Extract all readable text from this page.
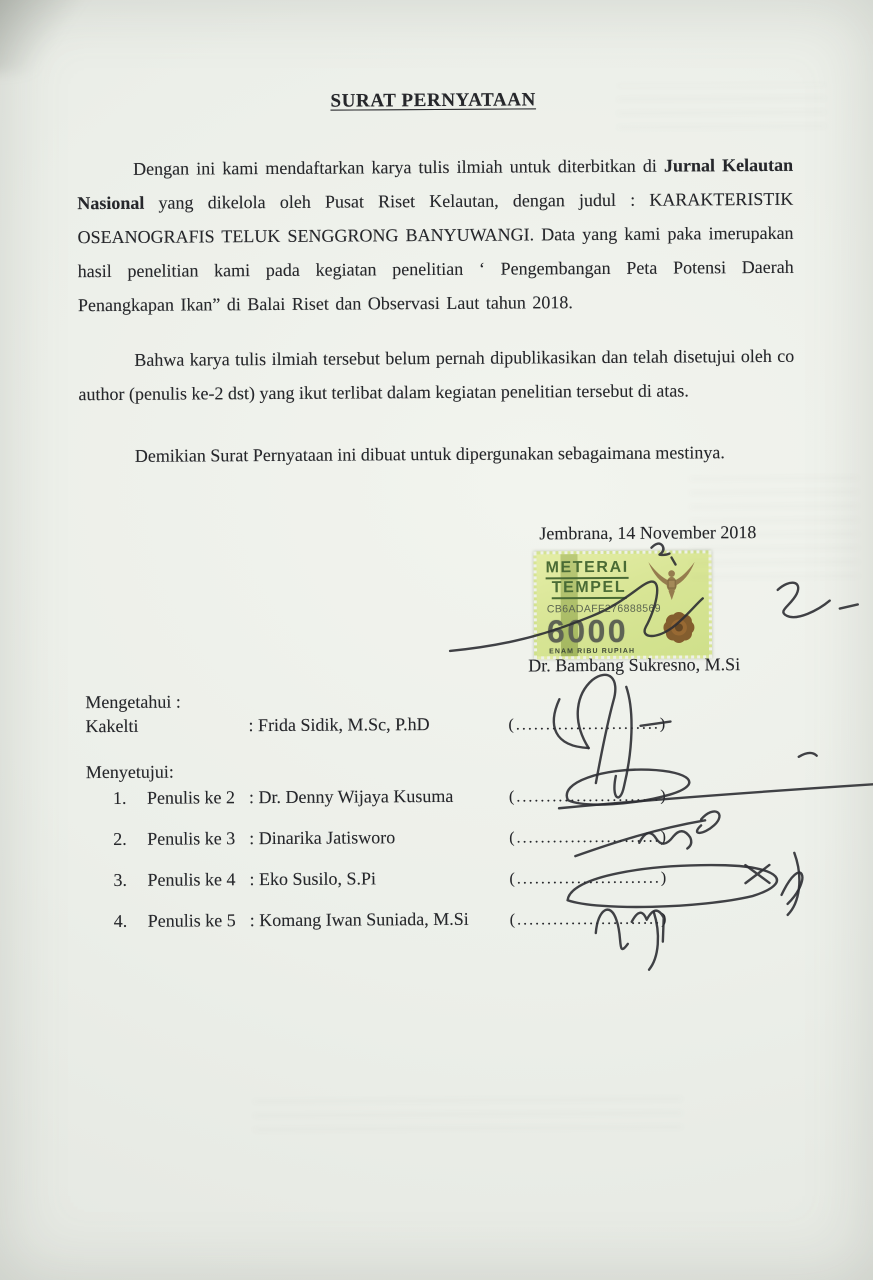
SURAT PERNYATAAN

Dengan ini kami mendaftarkan karya tulis ilmiah untuk diterbitkan di Jurnal Kelautan Nasional yang dikelola oleh Pusat Riset Kelautan, dengan judul : KARAKTERISTIK OSEANOGRAFIS TELUK SENGGRONG BANYUWANGI. Data yang kami paka imerupakan hasil penelitian kami pada kegiatan penelitian ‘ Pengembangan Peta Potensi Daerah Penangkapan Ikan” di Balai Riset dan Observasi Laut tahun 2018.

Bahwa karya tulis ilmiah tersebut belum pernah dipublikasikan dan telah disetujui oleh co author (penulis ke-2 dst) yang ikut terlibat dalam kegiatan penelitian tersebut di atas.

Demikian Surat Pernyataan ini dibuat untuk dipergunakan sebagaimana mestinya.

Jembrana, 14 November 2018
METERAI
TEMPEL
CB6ADAFF276888569
6000
ENAM RIBU RUPIAH
Dr. Bambang Sukresno, M.Si
Mengetahui :
Kakelti	: Frida Sidik, M.Sc, P.hD	(........................)
Menyetujui:
1. Penulis ke 2 : Dr. Denny Wijaya Kusuma	(........................)
2. Penulis ke 3 : Dinarika Jatisworo	(........................)
3. Penulis ke 4 : Eko Susilo, S.Pi	(........................)
4. Penulis ke 5 : Komang Iwan Suniada, M.Si	(........................)
